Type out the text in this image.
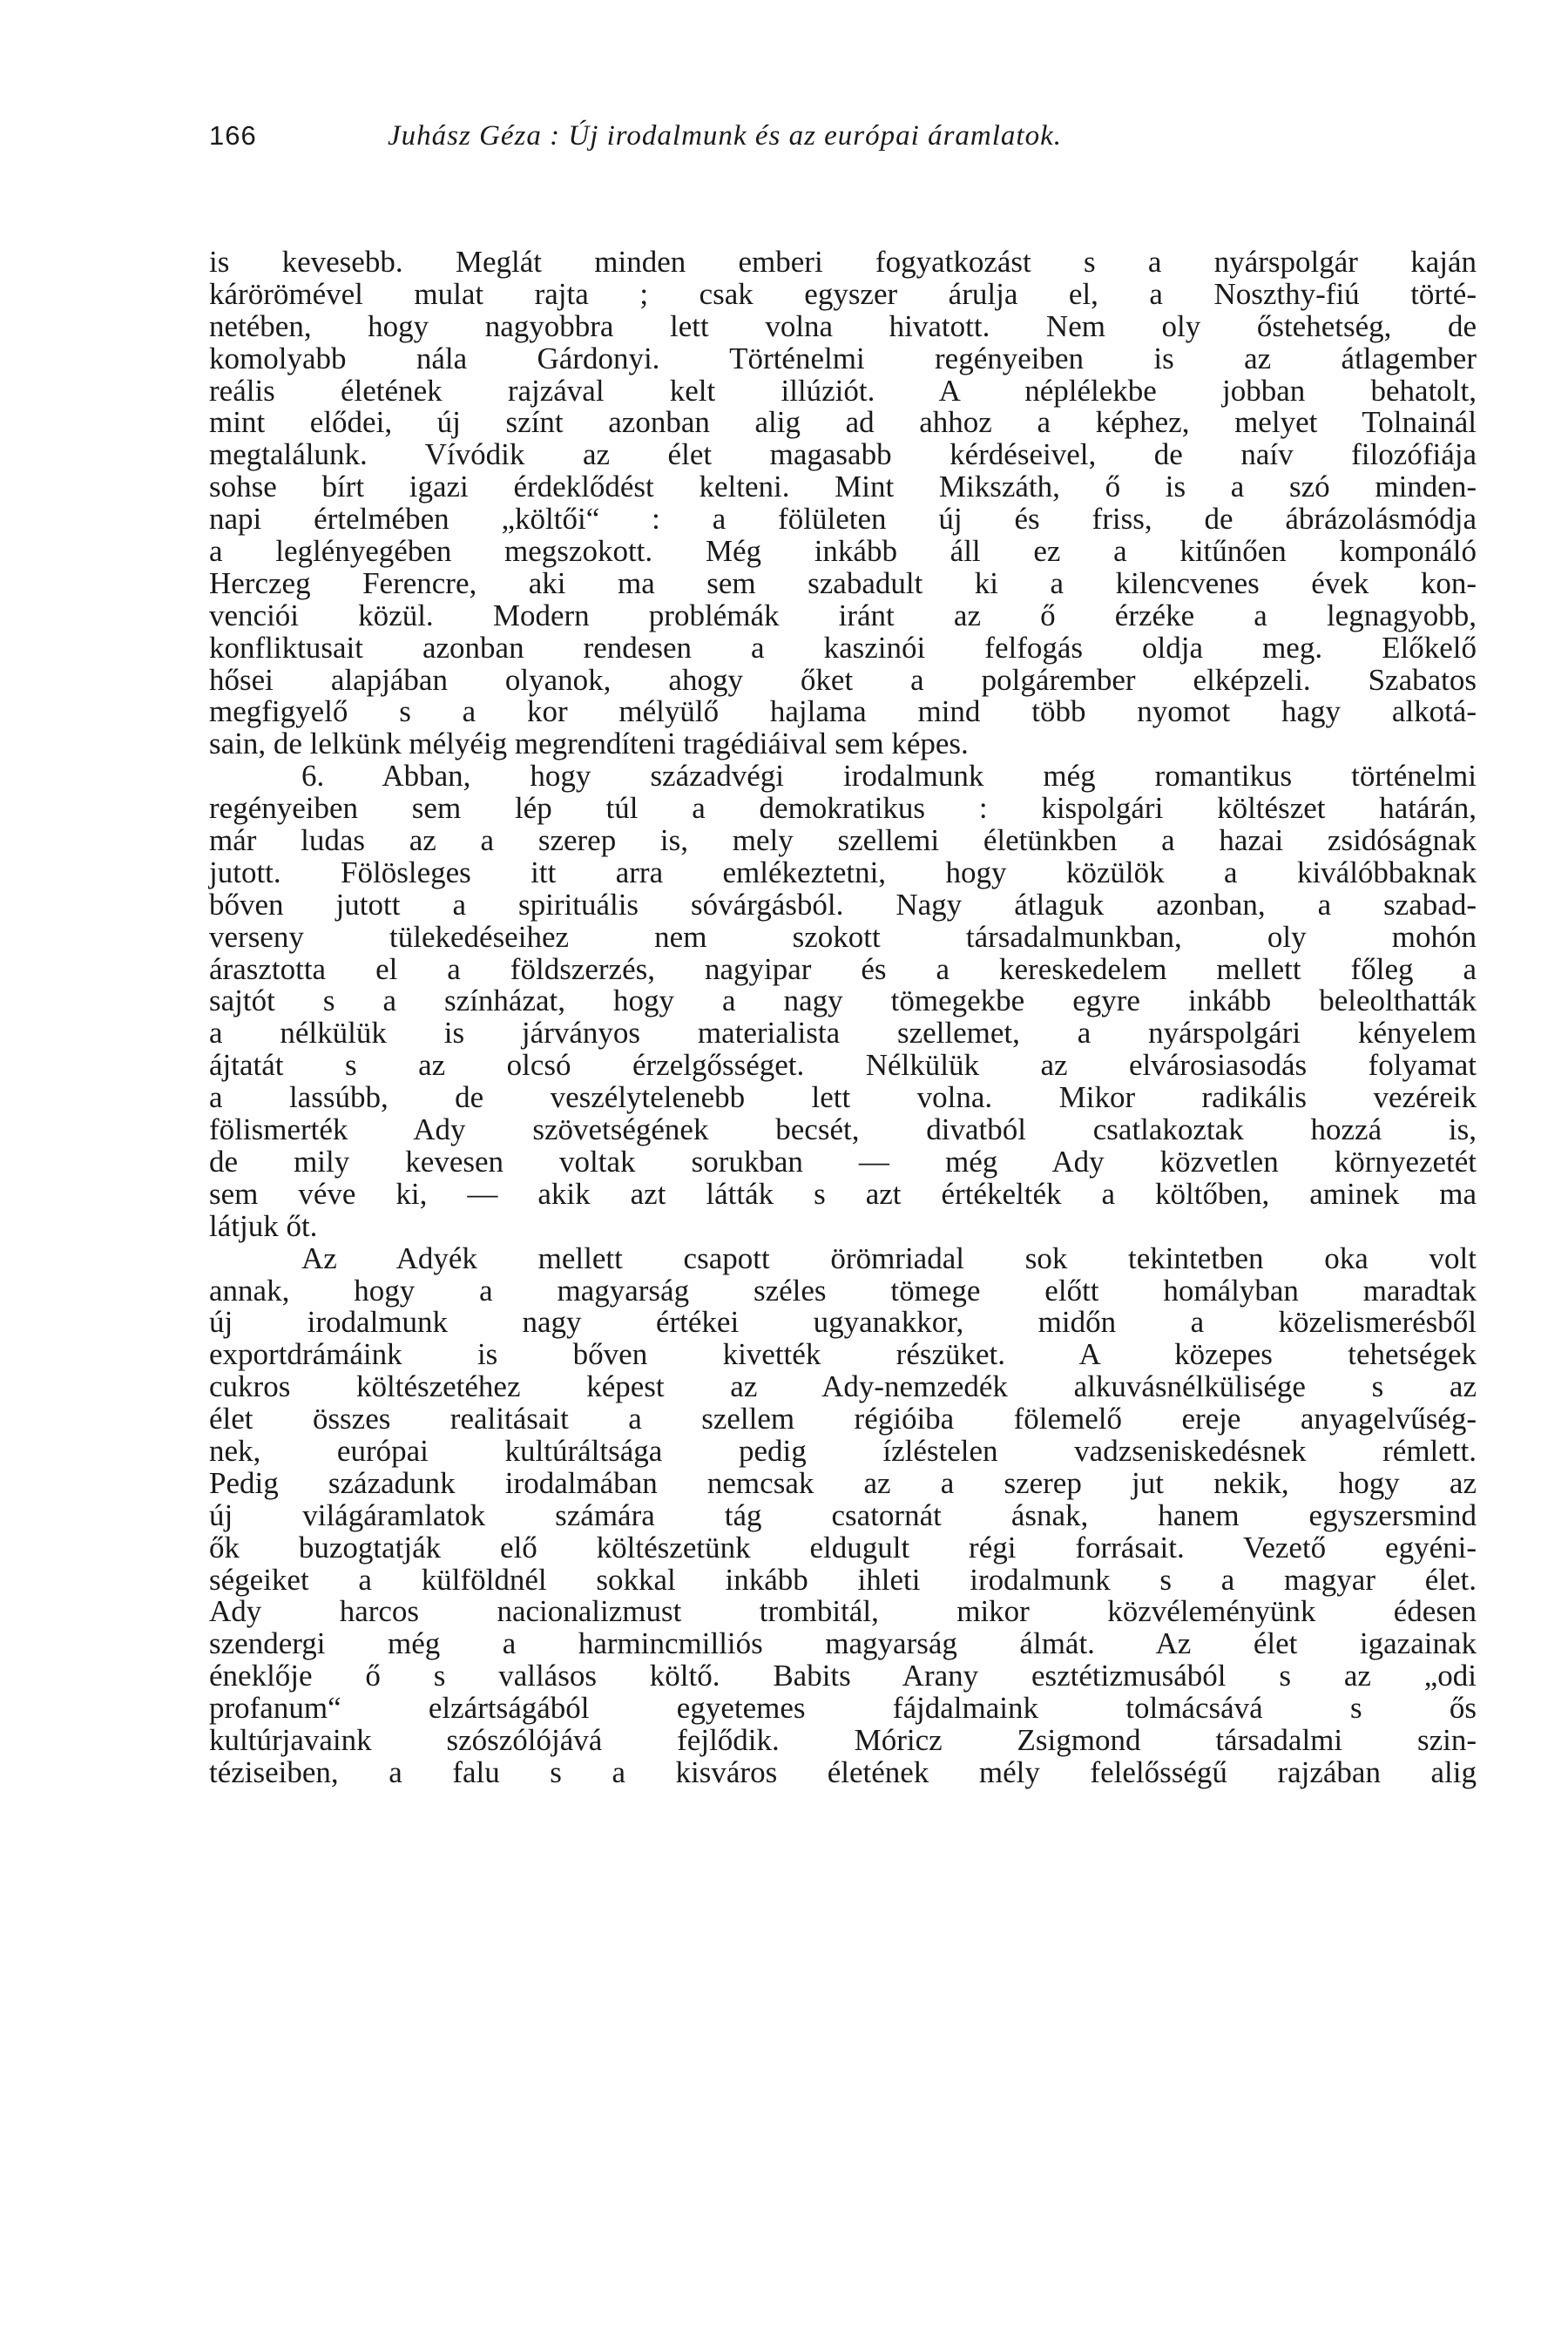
166	Juhász Géza : Új irodalmunk és az európai áramlatok.
is kevesebb. Meglát minden emberi fogyatkozást s a nyárspolgár kaján
kárörömével mulat rajta ; csak egyszer árulja el, a Noszthy-fiú törté-
netében, hogy nagyobbra lett volna hivatott. Nem oly őstehetség, de
komolyabb nála Gárdonyi. Történelmi regényeiben is az átlagember
reális életének rajzával kelt illúziót. A néplélekbe jobban behatolt,
mint elődei, új színt azonban alig ad ahhoz a képhez, melyet Tolnainál
megtalálunk. Vívódik az élet magasabb kérdéseivel, de naív filozófiája
sohse bírt igazi érdeklődést kelteni. Mint Mikszáth, ő is a szó minden-
napi értelmében „költői“ : a fölületen új és friss, de ábrázolásmódja
a leglényegében megszokott. Még inkább áll ez a kitűnően komponáló
Herczeg Ferencre, aki ma sem szabadult ki a kilencvenes évek kon-
venciói közül. Modern problémák iránt az ő érzéke a legnagyobb,
konfliktusait azonban rendesen a kaszinói felfogás oldja meg. Előkelő
hősei alapjában olyanok, ahogy őket a polgárember elképzeli. Szabatos
megfigyelő s a kor mélyülő hajlama mind több nyomot hagy alkotá-
sain, de lelkünk mélyéig megrendíteni tragédiáival sem képes.
6. Abban, hogy századvégi irodalmunk még romantikus történelmi
regényeiben sem lép túl a demokratikus : kispolgári költészet határán,
már ludas az a szerep is, mely szellemi életünkben a hazai zsidóságnak
jutott. Fölösleges itt arra emlékeztetni, hogy közülök a kiválóbbaknak
bőven jutott a spirituális sóvárgásból. Nagy átlaguk azonban, a szabad-
verseny tülekedéseihez nem szokott társadalmunkban, oly mohón
árasztotta el a földszerzés, nagyipar és a kereskedelem mellett főleg a
sajtót s a színházat, hogy a nagy tömegekbe egyre inkább beleolthatták
a nélkülük is járványos materialista szellemet, a nyárspolgári kényelem
ájtatát s az olcsó érzelgősséget. Nélkülük az elvárosiasodás folyamat
a lassúbb, de veszélytelenebb lett volna. Mikor radikális vezéreik
fölismerték Ady szövetségének becsét, divatból csatlakoztak hozzá is,
de mily kevesen voltak sorukban — még Ady közvetlen környezetét
sem véve ki, — akik azt látták s azt értékelték a költőben, aminek ma
látjuk őt.
Az Adyék mellett csapott örömriadal sok tekintetben oka volt
annak, hogy a magyarság széles tömege előtt homályban maradtak
új irodalmunk nagy értékei ugyanakkor, midőn a közelismerésből
exportdrámáink is bőven kivették részüket. A közepes tehetségek
cukros költészetéhez képest az Ady-nemzedék alkuvásnélkülisége s az
élet összes realitásait a szellem régióiba fölemelő ereje anyagelvűség-
nek, európai kultúráltsága pedig ízléstelen vadzseniskedésnek rémlett.
Pedig századunk irodalmában nemcsak az a szerep jut nekik, hogy az
új világáramlatok számára tág csatornát ásnak, hanem egyszersmind
ők buzogtatják elő költészetünk eldugult régi forrásait. Vezető egyéni-
ségeiket a külföldnél sokkal inkább ihleti irodalmunk s a magyar élet.
Ady harcos nacionalizmust trombitál, mikor közvéleményünk édesen
szendergi még a harmincmilliós magyarság álmát. Az élet igazainak
éneklője ő s vallásos költő. Babits Arany esztétizmusából s az „odi
profanum“ elzártságából egyetemes fájdalmaink tolmácsává s ős
kultúrjavaink szószólójává fejlődik. Móricz Zsigmond társadalmi szin-
téziseiben, a falu s a kisváros életének mély felelősségű rajzában alig
